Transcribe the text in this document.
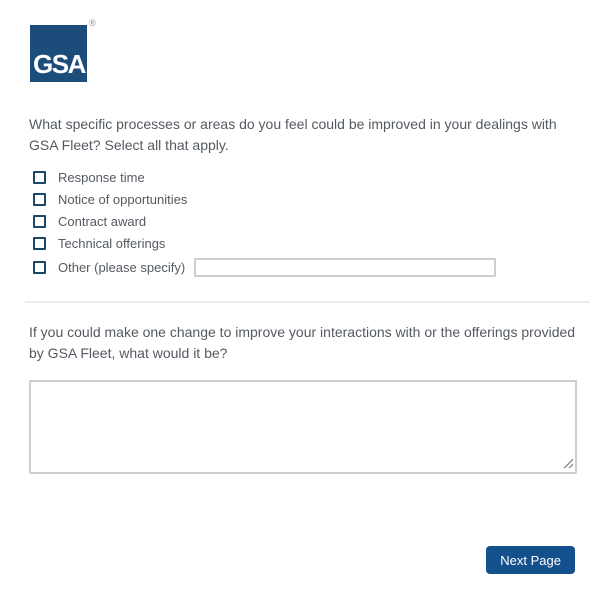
GSA
®

What specific processes or areas do you feel could be improved in your dealings with GSA Fleet? Select all that apply.

Response time
Notice of opportunities
Contract award
Technical offerings
Other (please specify)

If you could make one change to improve your interactions with or the offerings provided by GSA Fleet, what would it be?

Next Page
